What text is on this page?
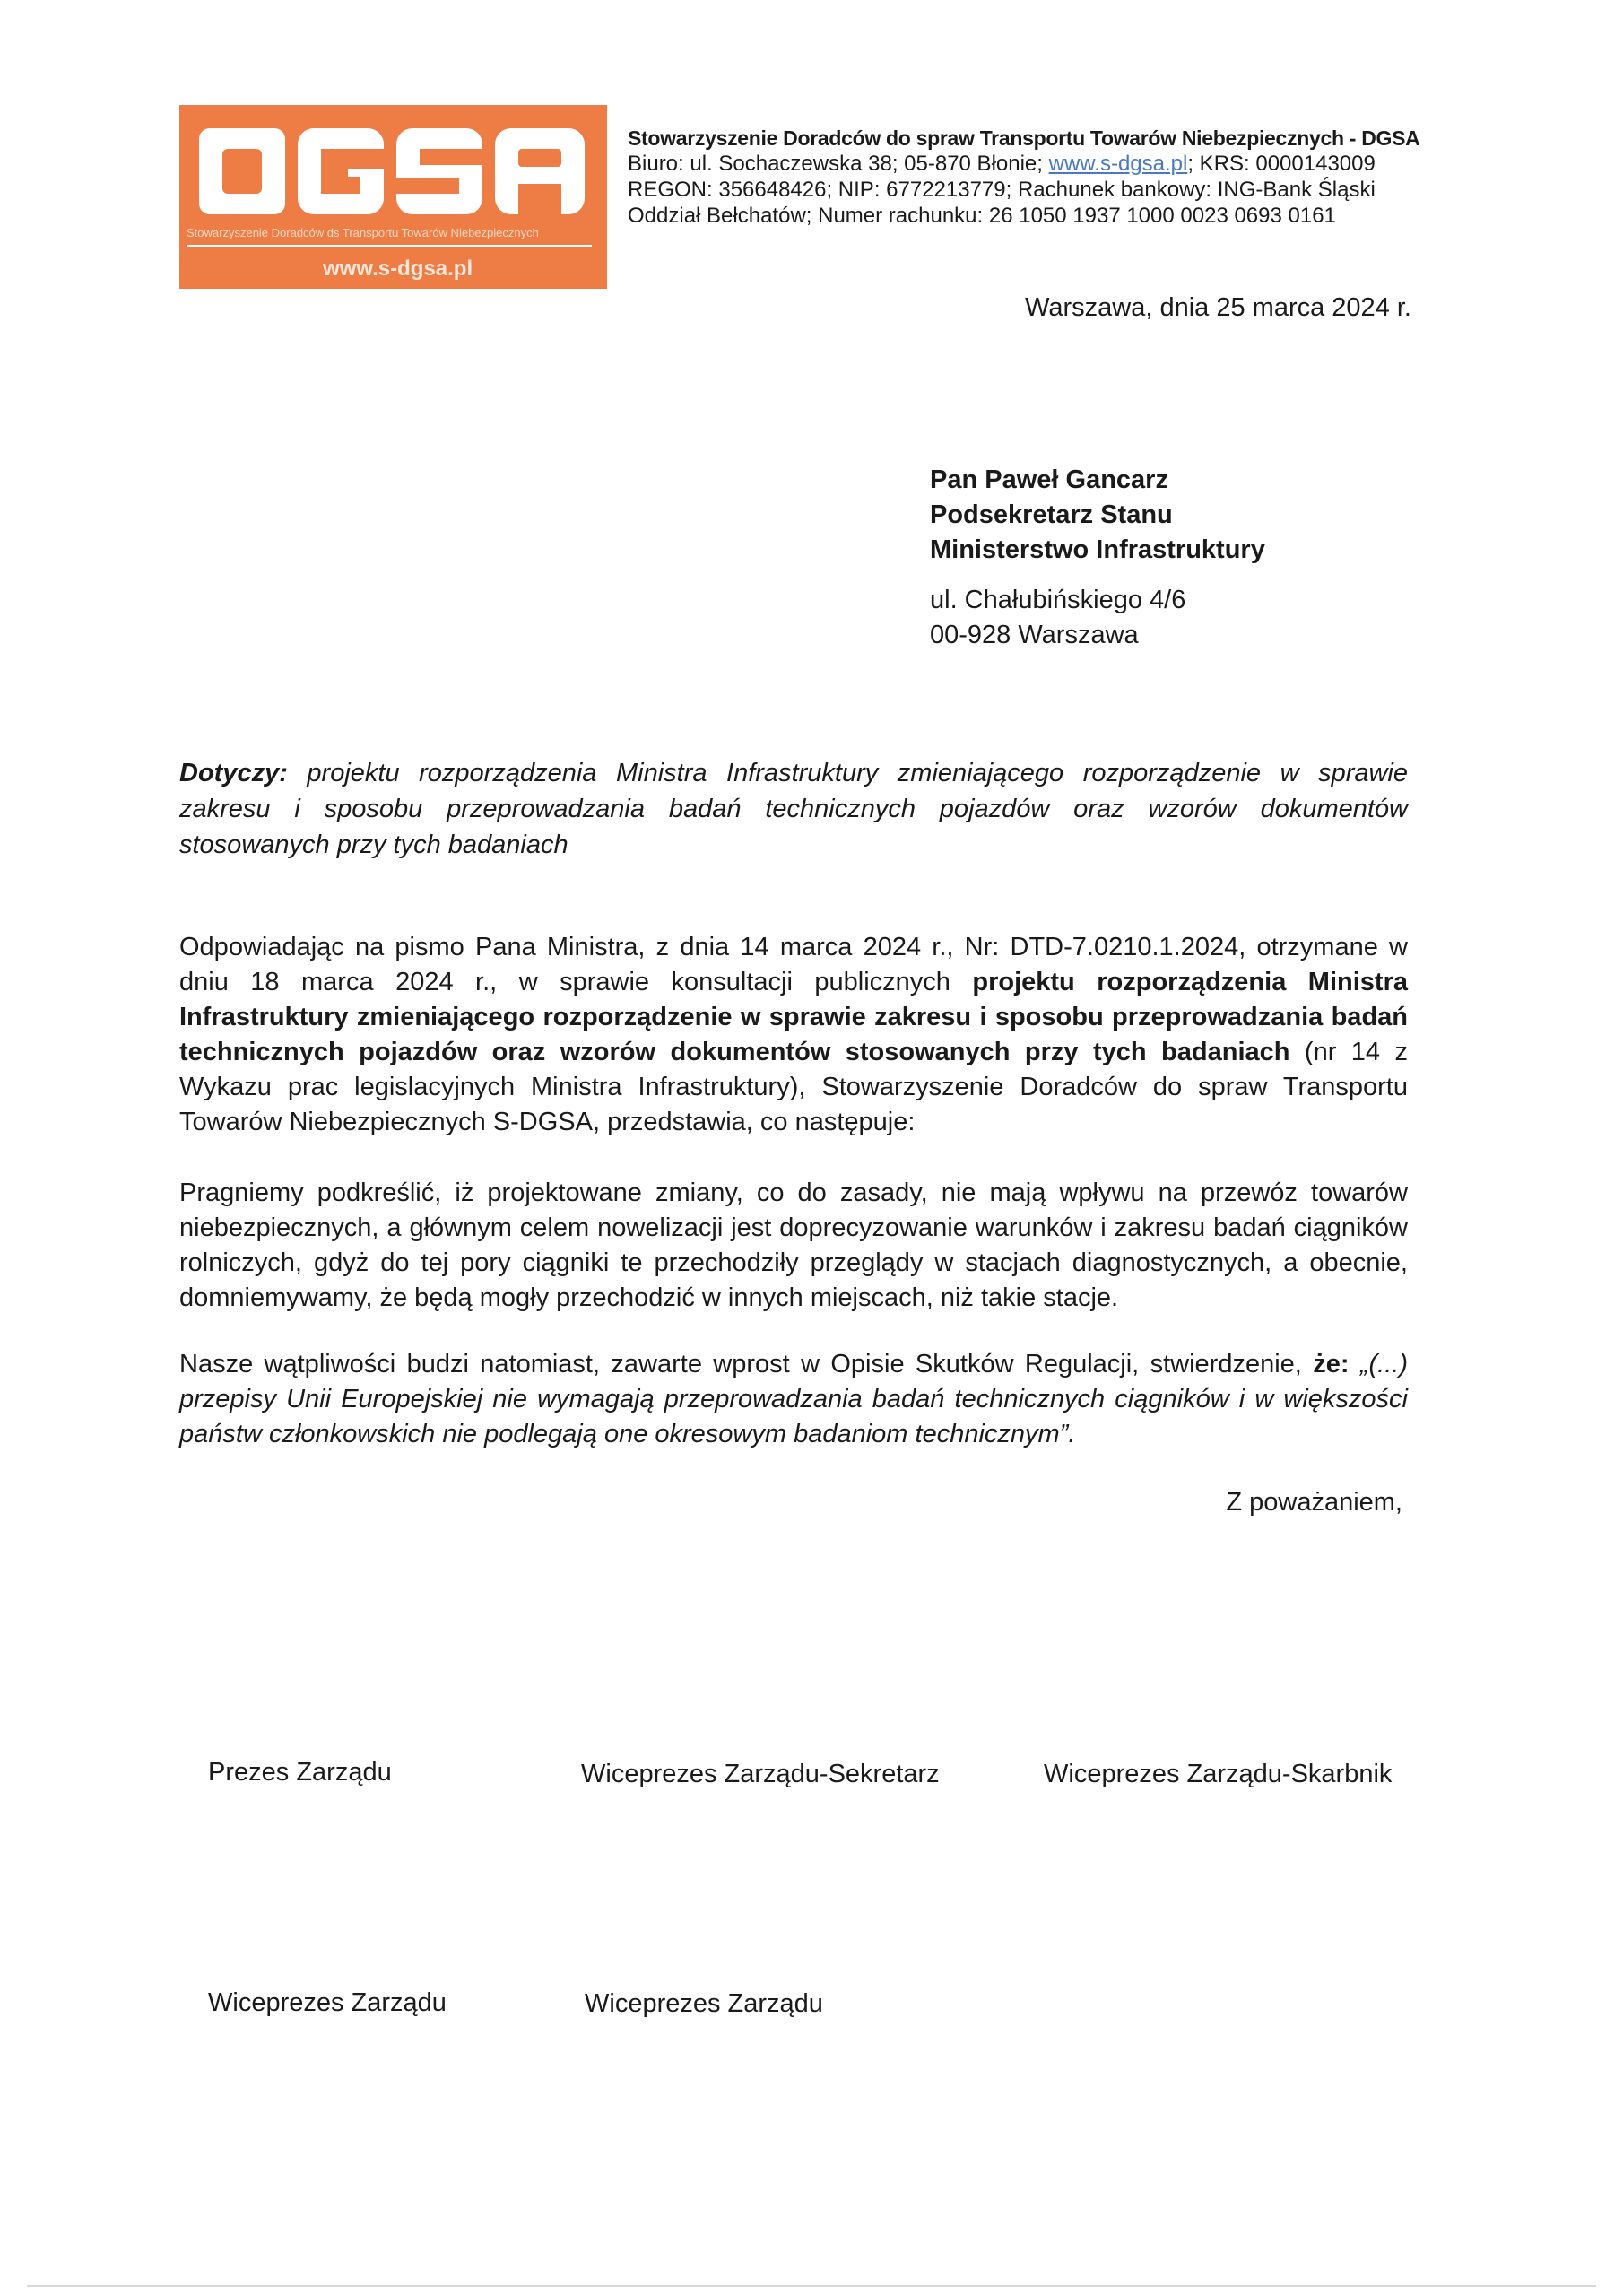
Stowarzyszenie Doradców ds Transportu Towarów Niebezpiecznych
www.s-dgsa.pl
Stowarzyszenie Doradców do spraw Transportu Towarów Niebezpiecznych - DGSA
Biuro: ul. Sochaczewska 38; 05-870 Błonie; www.s-dgsa.pl; KRS: 0000143009
REGON: 356648426; NIP: 6772213779; Rachunek bankowy: ING-Bank Śląski
Oddział Bełchatów; Numer rachunku: 26 1050 1937 1000 0023 0693 0161
Warszawa, dnia 25 marca 2024 r.
Pan Paweł Gancarz
Podsekretarz Stanu
Ministerstwo Infrastruktury
ul. Chałubińskiego 4/6
00-928 Warszawa
Dotyczy: projektu rozporządzenia Ministra Infrastruktury zmieniającego rozporządzenie w sprawie zakresu i sposobu przeprowadzania badań technicznych pojazdów oraz wzorów dokumentów stosowanych przy tych badaniach
Odpowiadając na pismo Pana Ministra, z dnia 14 marca 2024 r., Nr: DTD-7.0210.1.2024, otrzymane w dniu 18 marca 2024 r., w sprawie konsultacji publicznych projektu rozporządzenia Ministra Infrastruktury zmieniającego rozporządzenie w sprawie zakresu i sposobu przeprowadzania badań technicznych pojazdów oraz wzorów dokumentów stosowanych przy tych badaniach (nr 14 z Wykazu prac legislacyjnych Ministra Infrastruktury), Stowarzyszenie Doradców do spraw Transportu Towarów Niebezpiecznych S-DGSA, przedstawia, co następuje:
Pragniemy podkreślić, iż projektowane zmiany, co do zasady, nie mają wpływu na przewóz towarów niebezpiecznych, a głównym celem nowelizacji jest doprecyzowanie warunków i zakresu badań ciągników rolniczych, gdyż do tej pory ciągniki te przechodziły przeglądy w stacjach diagnostycznych, a obecnie, domniemywamy, że będą mogły przechodzić w innych miejscach, niż takie stacje.
Nasze wątpliwości budzi natomiast, zawarte wprost w Opisie Skutków Regulacji, stwierdzenie, że: „(...) przepisy Unii Europejskiej nie wymagają przeprowadzania badań technicznych ciągników i w większości państw członkowskich nie podlegają one okresowym badaniom technicznym”.
Z poważaniem,
Prezes Zarządu	Wiceprezes Zarządu-Sekretarz	Wiceprezes Zarządu-Skarbnik
Wiceprezes Zarządu	Wiceprezes Zarządu
